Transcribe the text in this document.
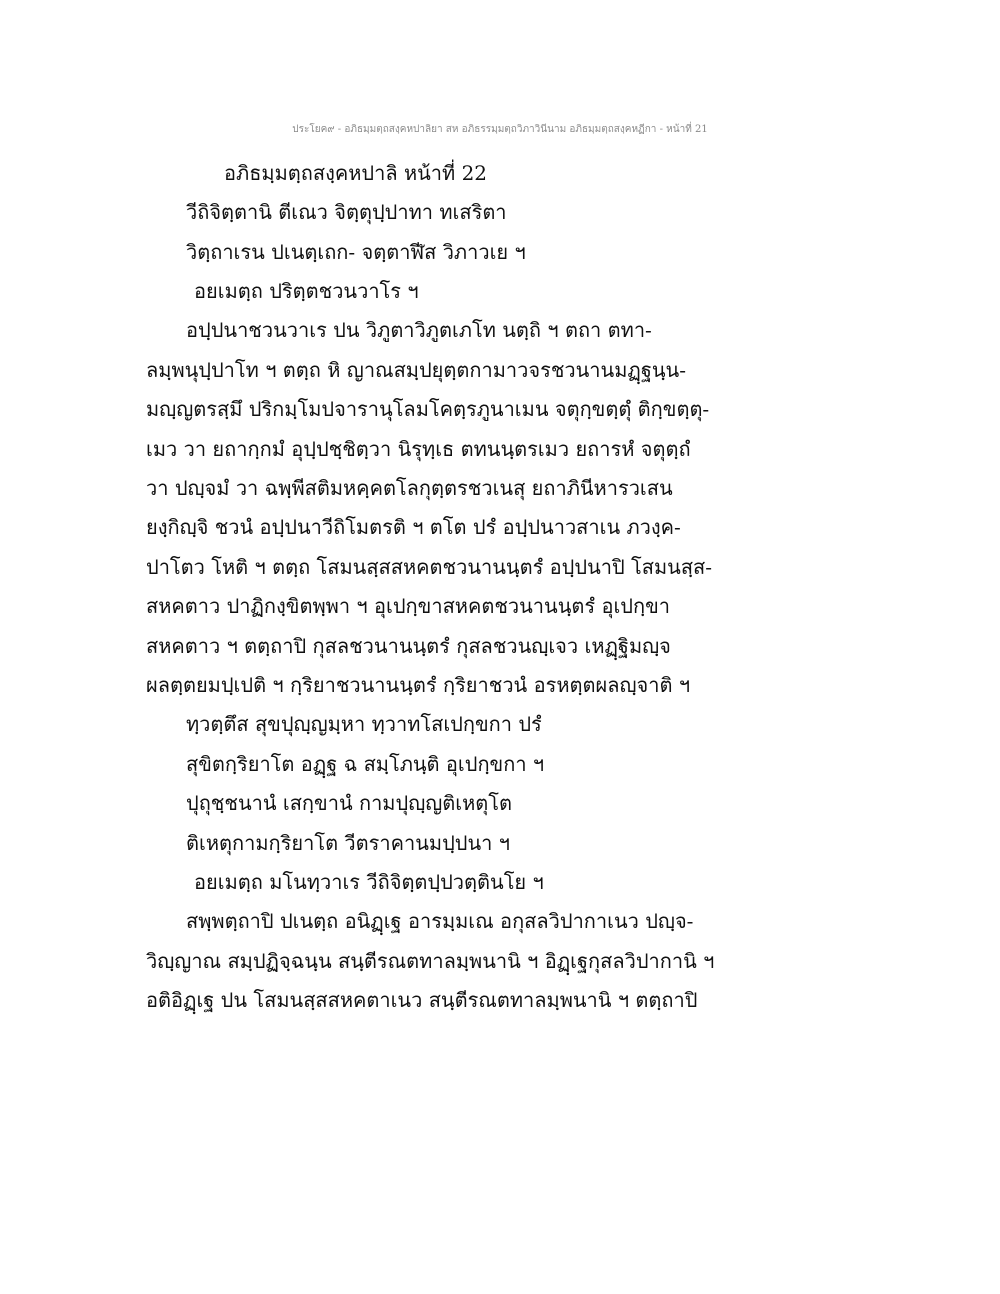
ประโยค๙ - อภิธมฺมตฺถสงฺคหปาลิยา สห อภิธรรมฺมตฺถวิภาวินีนาม อภิธมฺมตฺถสงฺคหฏีกา - หน้าที่ 21
อภิธมฺมตฺถสงฺคหปาลิ หน้าที่ 22
วีถิจิตฺตานิ ตีเณว จิตฺตุปฺปาทา ทเสริตา
วิตฺถาเรน ปเนตฺเถก- จตฺตาฬีส วิภาวเย ฯ
อยเมตฺถ ปริตฺตชวนวาโร ฯ
อปฺปนาชวนวาเร ปน วิภูตาวิภูตเภโท นตฺถิ ฯ ตถา ตทา-
ลมฺพนุปฺปาโท ฯ ตตฺถ หิ ญาณสมฺปยุตฺตกามาวจรชวนานมฏฺฐนฺน-
มญฺญตรสฺมึ ปริกมฺโมปจารานุโลมโคตฺรภูนาเมน จตุกฺขตฺตุํ ติกฺขตฺตุ-
เมว วา ยถากฺกมํ อุปฺปชฺชิตฺวา นิรุทฺเธ ตทนนฺตรเมว ยถารหํ จตุตฺถํ
วา ปญฺจมํ วา ฉพฺพีสติมหคฺคตโลกุตฺตรชวเนสุ ยถาภินีหารวเสน
ยงฺกิญฺจิ ชวนํ อปฺปนาวีถิโมตรติ ฯ ตโต ปรํ อปฺปนาวสาเน ภวงฺค-
ปาโตว โหติ ฯ ตตฺถ โสมนสฺสสหคตชวนานนฺตรํ อปฺปนาปิ โสมนสฺส-
สหคตาว ปาฏิกงฺขิตพฺพา ฯ อุเปกฺขาสหคตชวนานนฺตรํ อุเปกฺขา
สหคตาว ฯ ตตฺถาปิ กุสลชวนานนฺตรํ กุสลชวนญฺเจว เหฏฺฐิมญฺจ
ผลตฺตยมปฺเปติ ฯ กฺริยาชวนานนฺตรํ กฺริยาชวนํ อรหตฺตผลญฺจาติ ฯ
ทฺวตฺตึส สุขปุญฺญมฺหา ทฺวาทโสเปกฺขกา ปรํ
สุขิตกฺริยาโต อฏฺฐ ฉ สมฺโภนฺติ อุเปกฺขกา ฯ
ปุถุชฺชนานํ เสกฺขานํ กามปุญฺญติเหตุโต
ติเหตุกามกฺริยาโต วีตราคานมปฺปนา ฯ
อยเมตฺถ มโนทฺวาเร วีถิจิตฺตปฺปวตฺตินโย ฯ
สพฺพตฺถาปิ ปเนตฺถ อนิฏฺเฐ อารมฺมเณ อกุสลวิปากาเนว ปญฺจ-
วิญฺญาณ สมฺปฏิจฺฉนฺน สนฺตีรณตทาลมฺพนานิ ฯ อิฏฺเฐกุสลวิปากานิ ฯ
อติอิฏฺเฐ ปน โสมนสฺสสหคตาเนว สนฺตีรณตทาลมฺพนานิ ฯ ตตฺถาปิ
